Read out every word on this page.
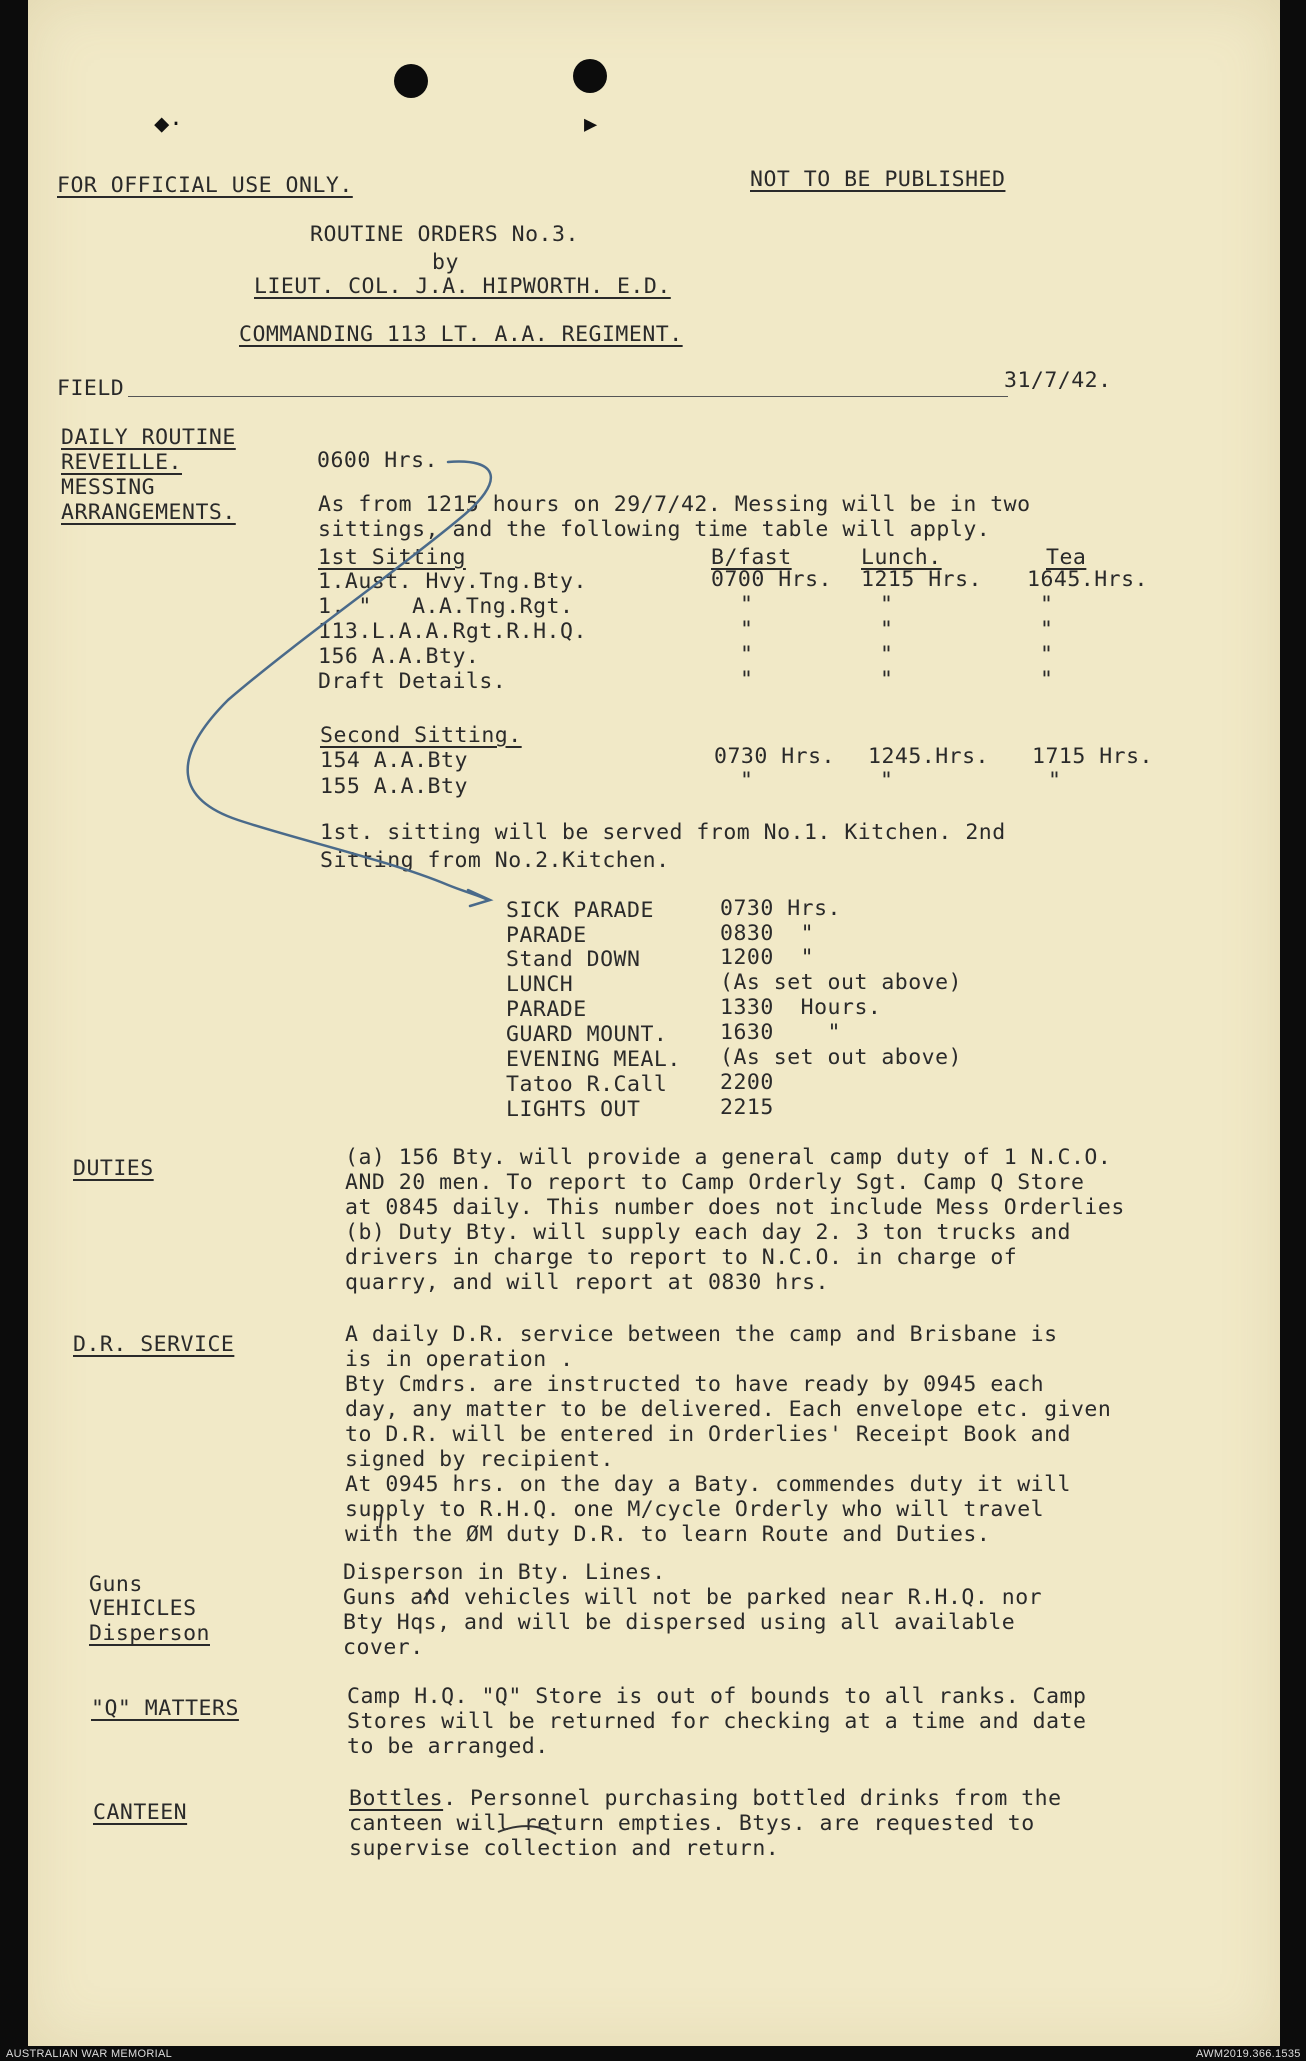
⬥·	▶
FOR OFFICIAL USE ONLY.	NOT TO BE PUBLISHED
ROUTINE ORDERS No.3.
by
LIEUT. COL. J.A. HIPWORTH. E.D.
COMMANDING 113 LT. A.A. REGIMENT.
FIELD	31/7/42.
DAILY ROUTINE
REVEILLE.	0600 Hrs.
MESSING
ARRANGEMENTS.	As from 1215 hours on 29/7/42. Messing will be in two
sittings, and the following time table will apply.
1st Sitting	B/fast	Lunch.	Tea
1.Aust. Hvy.Tng.Bty.	0700 Hrs. 1215 Hrs. 1645.Hrs.
1. "   A.A.Tng.Rgt.	"	"	"
113.L.A.A.Rgt.R.H.Q.	"	"	"
156 A.A.Bty.	"	"	"
Draft Details.	"	"	"
Second Sitting.
154 A.A.Bty	0730 Hrs. 1245.Hrs. 1715 Hrs.
155 A.A.Bty	"	"	"
1st. sitting will be served from No.1. Kitchen. 2nd
Sitting from No.2.Kitchen.
SICK PARADE	0730 Hrs.
PARADE	0830  "
Stand DOWN	1200  "
LUNCH	(As set out above)
PARADE	1330  Hours.
GUARD MOUNT. 1630    "
EVENING MEAL. (As set out above)
Tatoo R.Call 2200
LIGHTS OUT	2215
DUTIES	(a) 156 Bty. will provide a general camp duty of 1 N.C.O.
AND 20 men. To report to Camp Orderly Sgt. Camp Q Store
at 0845 daily. This number does not include Mess Orderlies
(b) Duty Bty. will supply each day 2. 3 ton trucks and
drivers in charge to report to N.C.O. in charge of
quarry, and will report at 0830 hrs.
D.R. SERVICE	A daily D.R. service between the camp and Brisbane is
is in operation .
Bty Cmdrs. are instructed to have ready by 0945 each
day, any matter to be delivered. Each envelope etc. given
to D.R. will be entered in Orderlies' Receipt Book and
signed by recipient.
At 0945 hrs. on the day a Baty. commendes duty it will
supply to R.H.Q. one M/cycle Orderly who will travel
with the ØM duty D.R. to learn Route and Duties.
Guns
VEHICLES
Disperson
Disperson in Bty. Lines.
Guns and vehicles will not be parked near R.H.Q. nor
Bty Hqs, and will be dispersed using all available
cover.
"Q" MATTERS	Camp H.Q. "Q" Store is out of bounds to all ranks. Camp
Stores will be returned for checking at a time and date
to be arranged.
CANTEEN
Bottles. Personnel purchasing bottled drinks from the
canteen will return empties. Btys. are requested to
supervise collection and return.
AUSTRALIAN WAR MEMORIAL	AWM2019.366.1535
